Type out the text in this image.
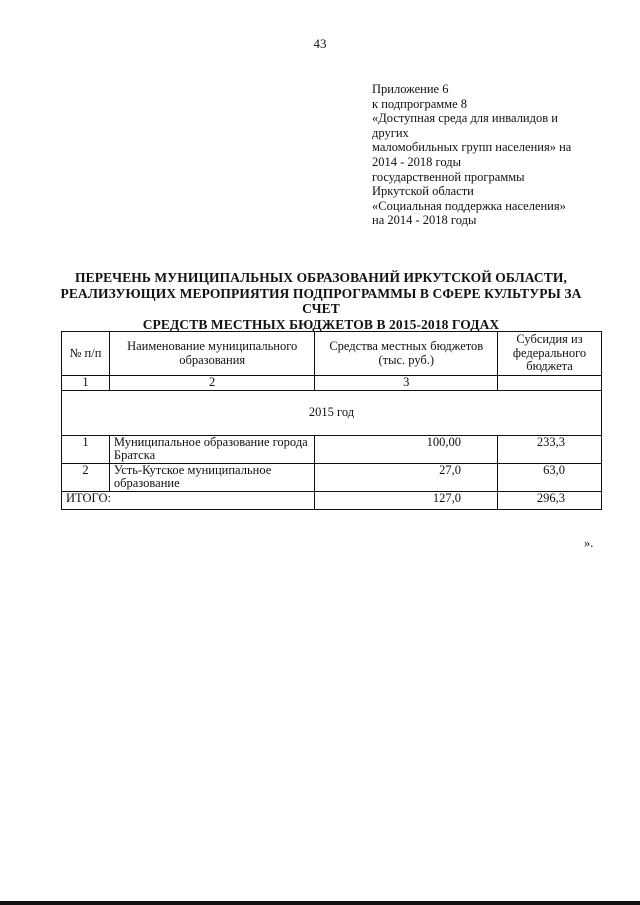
43
Приложение 6
к подпрограмме 8
«Доступная среда для инвалидов и
других
маломобильных групп населения» на
2014 - 2018 годы
государственной программы
Иркутской области
«Социальная поддержка населения»
на 2014 - 2018 годы
ПЕРЕЧЕНЬ МУНИЦИПАЛЬНЫХ ОБРАЗОВАНИЙ ИРКУТСКОЙ ОБЛАСТИ,
РЕАЛИЗУЮЩИХ МЕРОПРИЯТИЯ ПОДПРОГРАММЫ В СФЕРЕ КУЛЬТУРЫ ЗА СЧЕТ
СРЕДСТВ МЕСТНЫХ БЮДЖЕТОВ В 2015-2018 ГОДАХ
№ п/п	Наименование муниципального образования	Средства местных бюджетов (тыс. руб.)	Субсидия из федерального бюджета
1	2	3	
2015 год			
1	Муниципальное образование города Братска	100,00	233,3
2	Усть-Кутское муниципальное образование	27,0	63,0
ИТОГО:		127,0	296,3
».
